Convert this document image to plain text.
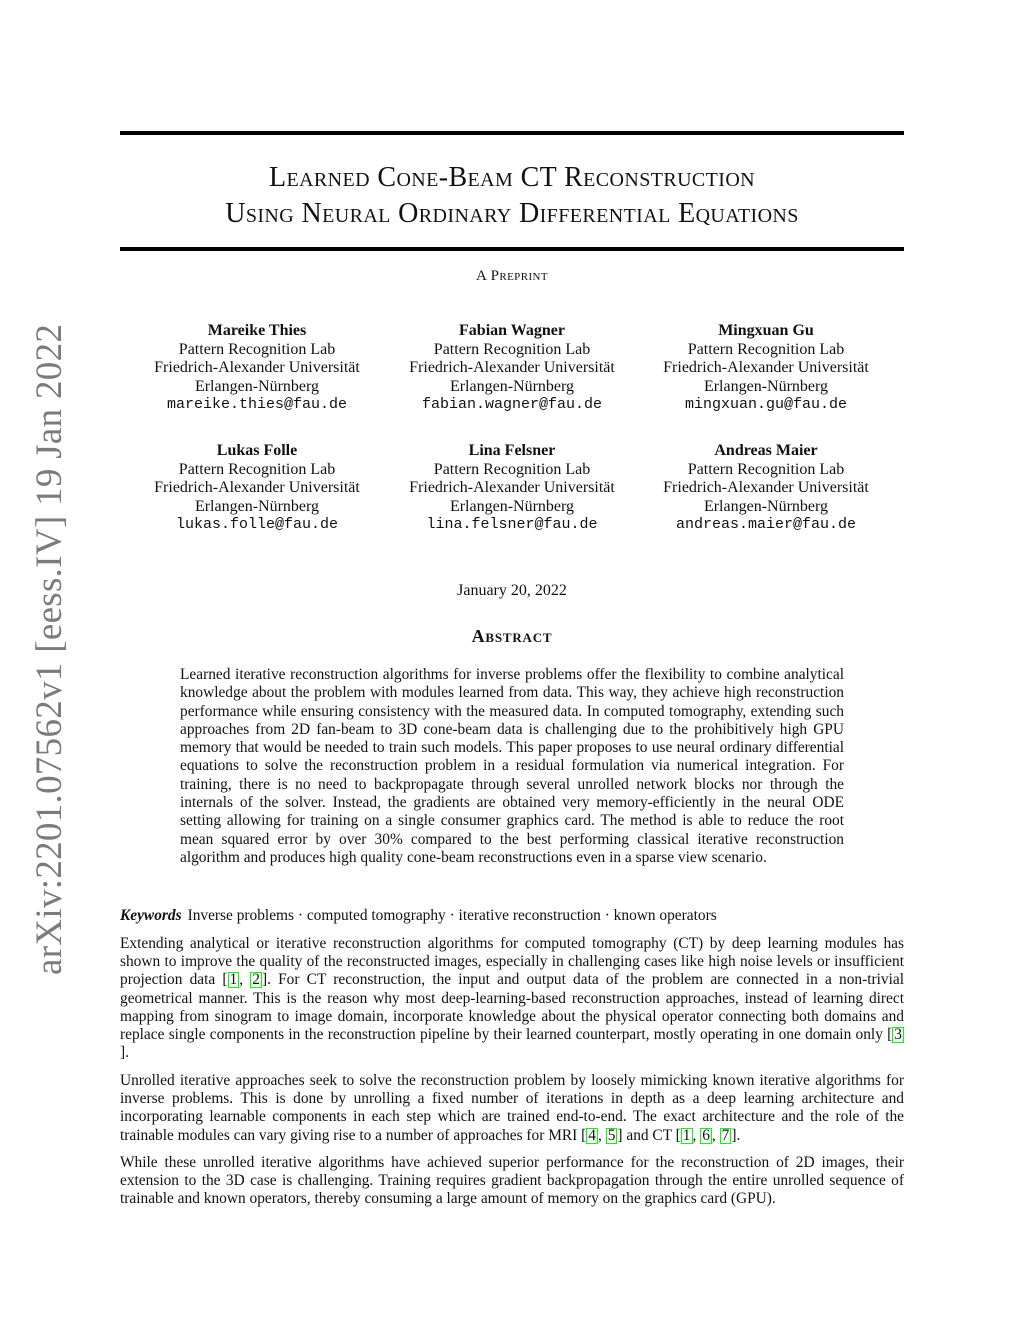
arXiv:2201.07562v1 [eess.IV] 19 Jan 2022
Learned Cone-Beam CT Reconstruction
Using Neural Ordinary Differential Equations
A Preprint
Mareike Thies
Pattern Recognition Lab
Friedrich-Alexander Universität
Erlangen-Nürnberg
mareike.thies@fau.de
Fabian Wagner
Pattern Recognition Lab
Friedrich-Alexander Universität
Erlangen-Nürnberg
fabian.wagner@fau.de
Mingxuan Gu
Pattern Recognition Lab
Friedrich-Alexander Universität
Erlangen-Nürnberg
mingxuan.gu@fau.de
Lukas Folle
Pattern Recognition Lab
Friedrich-Alexander Universität
Erlangen-Nürnberg
lukas.folle@fau.de
Lina Felsner
Pattern Recognition Lab
Friedrich-Alexander Universität
Erlangen-Nürnberg
lina.felsner@fau.de
Andreas Maier
Pattern Recognition Lab
Friedrich-Alexander Universität
Erlangen-Nürnberg
andreas.maier@fau.de
January 20, 2022
Abstract
Learned iterative reconstruction algorithms for inverse problems offer the flexibility to combine analytical knowledge about the problem with modules learned from data. This way, they achieve high reconstruction performance while ensuring consistency with the measured data. In computed tomography, extending such approaches from 2D fan-beam to 3D cone-beam data is challenging due to the prohibitively high GPU memory that would be needed to train such models. This paper proposes to use neural ordinary differential equations to solve the reconstruction problem in a residual formulation via numerical integration. For training, there is no need to backpropagate through several unrolled network blocks nor through the internals of the solver. Instead, the gradients are obtained very memory-efficiently in the neural ODE setting allowing for training on a single consumer graphics card. The method is able to reduce the root mean squared error by over 30% compared to the best performing classical iterative reconstruction algorithm and produces high quality cone-beam reconstructions even in a sparse view scenario.
Keywords Inverse problems · computed tomography · iterative reconstruction · known operators

Extending analytical or iterative reconstruction algorithms for computed tomography (CT) by deep learning modules has shown to improve the quality of the reconstructed images, especially in challenging cases like high noise levels or insufficient projection data [ 1 , 2 ]. For CT reconstruction, the input and output data of the problem are connected in a non-trivial geometrical manner. This is the reason why most deep-learning-based reconstruction approaches, instead of learning direct mapping from sinogram to image domain, incorporate knowledge about the physical operator connecting both domains and replace single components in the reconstruction pipeline by their learned counterpart, mostly operating in one domain only [ 3].

Unrolled iterative approaches seek to solve the reconstruction problem by loosely mimicking known iterative algorithms for inverse problems. This is done by unrolling a fixed number of iterations in depth as a deep learning architecture and incorporating learnable components in each step which are trained end-to-end. The exact architecture and the role of the trainable modules can vary giving rise to a number of approaches for MRI [ 4 , 5 ] and CT [ 1 , 6 , 7 ].

While these unrolled iterative algorithms have achieved superior performance for the reconstruction of 2D images, their extension to the 3D case is challenging. Training requires gradient backpropagation through the entire unrolled sequence of trainable and known operators, thereby consuming a large amount of memory on the graphics card (GPU).
